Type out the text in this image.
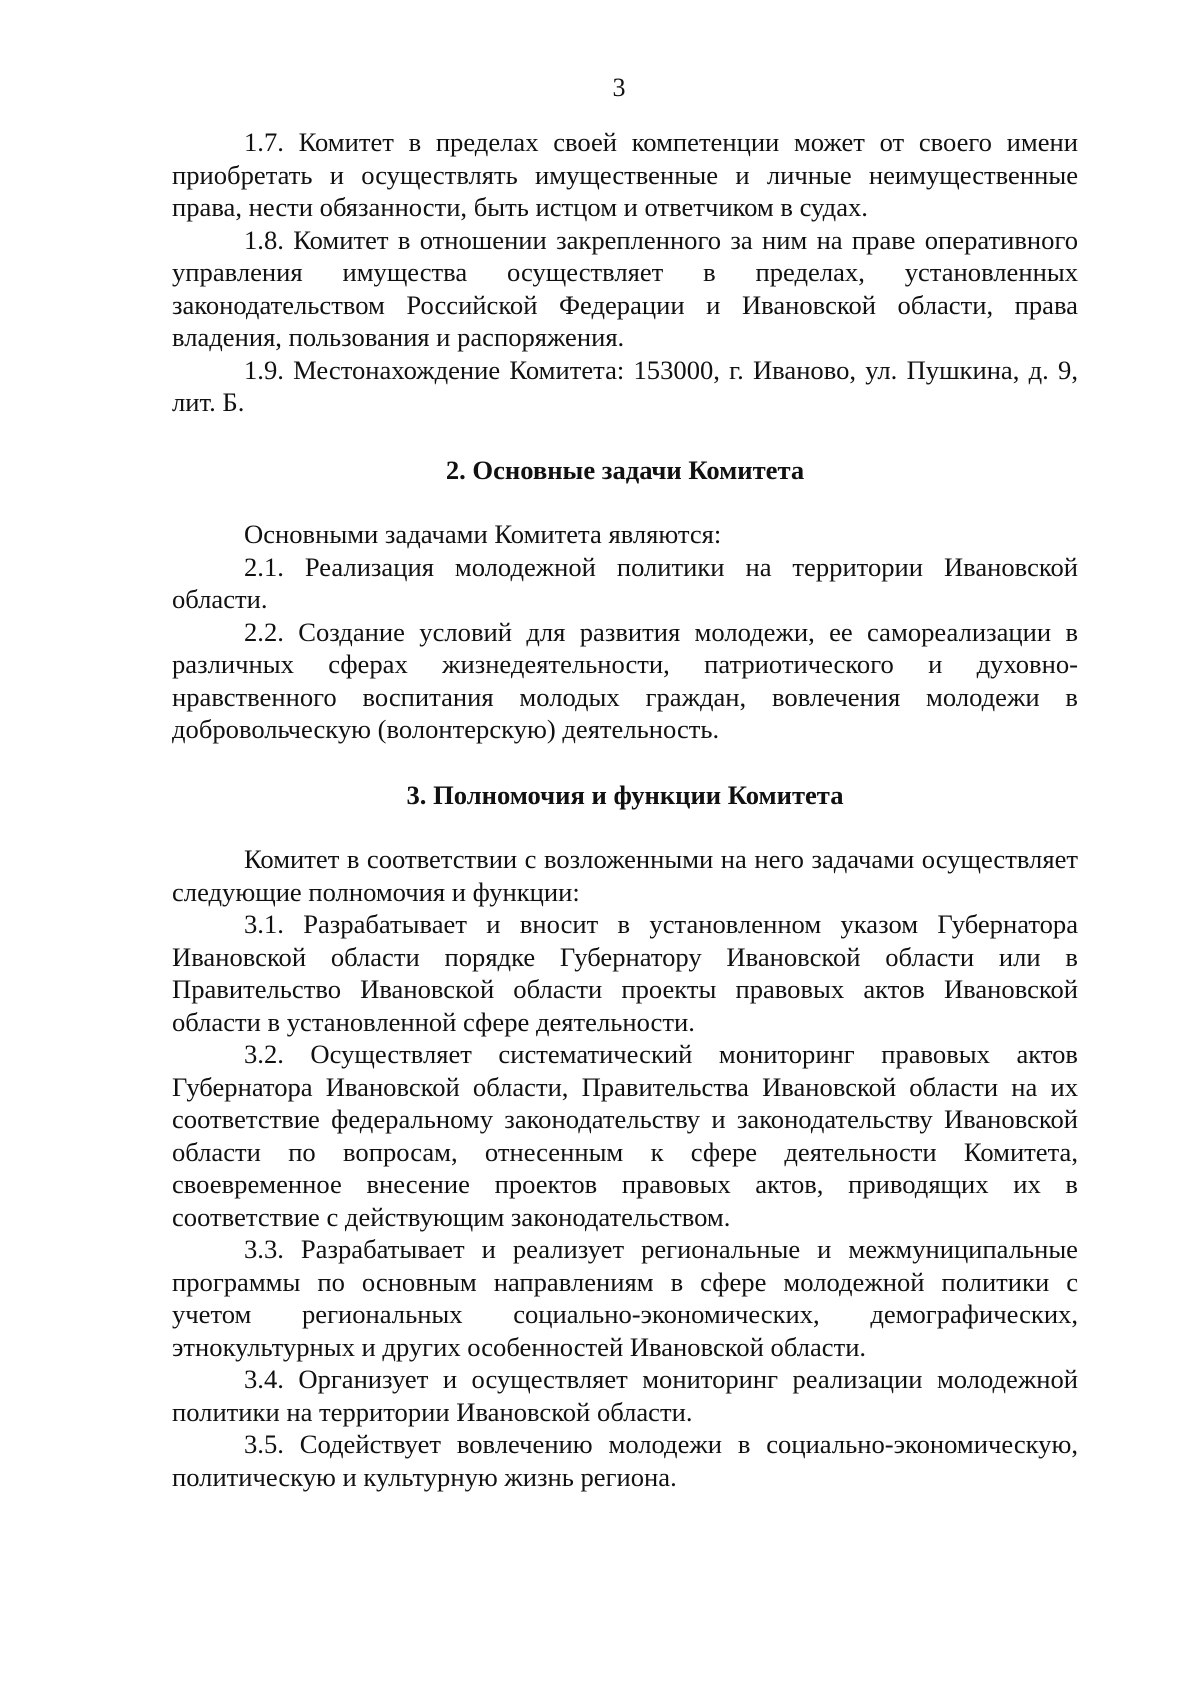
3

1.7. Комитет в пределах своей компетенции может от своего имени приобретать и осуществлять имущественные и личные неимущественные права, нести обязанности, быть истцом и ответчиком в судах.

1.8. Комитет в отношении закрепленного за ним на праве оперативного управления имущества осуществляет в пределах, установленных законодательством Российской Федерации и Ивановской области, права владения, пользования и распоряжения.

1.9. Местонахождение Комитета: 153000, г. Иваново, ул. Пушкина, д. 9, лит. Б.

2. Основные задачи Комитета

Основными задачами Комитета являются:

2.1. Реализация молодежной политики на территории Ивановской области.

2.2. Создание условий для развития молодежи, ее самореализации в различных сферах жизнедеятельности, патриотического и духовно-нравственного воспитания молодых граждан, вовлечения молодежи в добровольческую (волонтерскую) деятельность.

3. Полномочия и функции Комитета

Комитет в соответствии с возложенными на него задачами осуществляет следующие полномочия и функции:

3.1. Разрабатывает и вносит в установленном указом Губернатора Ивановской области порядке Губернатору Ивановской области или в Правительство Ивановской области проекты правовых актов Ивановской области в установленной сфере деятельности.

3.2. Осуществляет систематический мониторинг правовых актов Губернатора Ивановской области, Правительства Ивановской области на их соответствие федеральному законодательству и законодательству Ивановской области по вопросам, отнесенным к сфере деятельности Комитета, своевременное внесение проектов правовых актов, приводящих их в соответствие с действующим законодательством.

3.3. Разрабатывает и реализует региональные и межмуниципальные программы по основным направлениям в сфере молодежной политики с учетом региональных социально-экономических, демографических, этнокультурных и других особенностей Ивановской области.

3.4. Организует и осуществляет мониторинг реализации молодежной политики на территории Ивановской области.

3.5. Содействует вовлечению молодежи в социально-экономическую, политическую и культурную жизнь региона.
